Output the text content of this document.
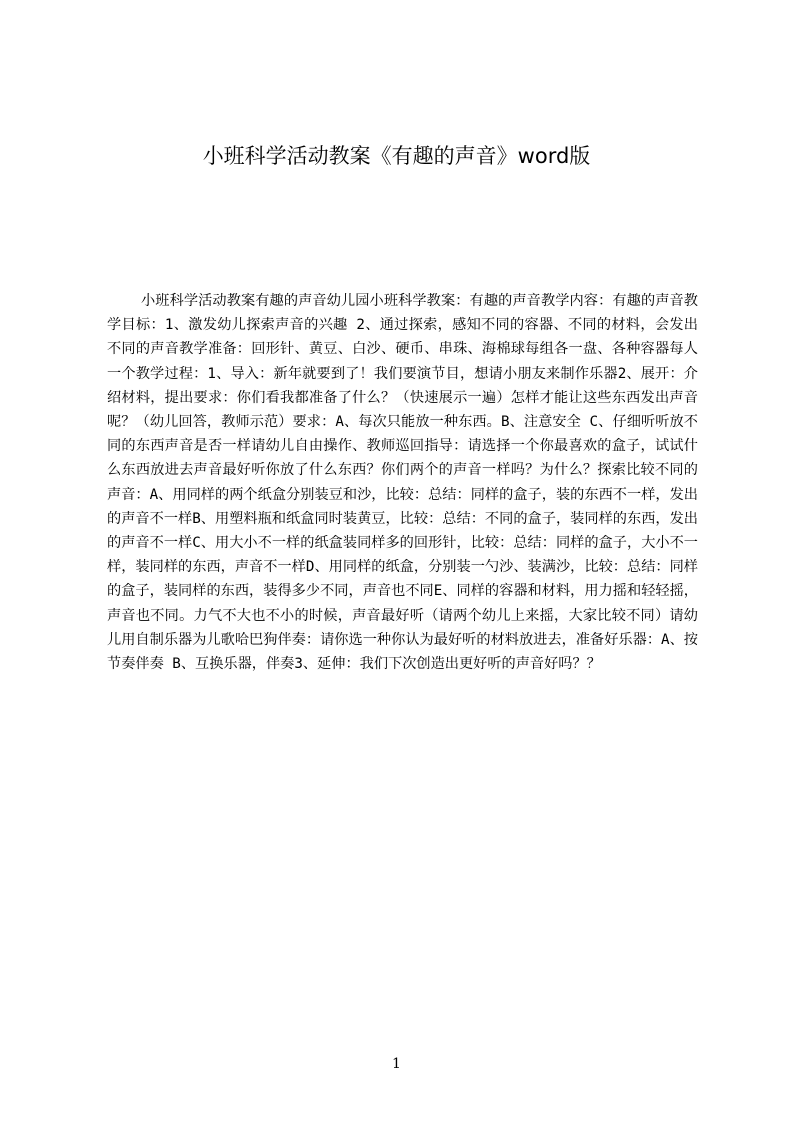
小班科学活动教案《有趣的声音》word版

小班科学活动教案有趣的声音幼儿园小班科学教案：有趣的声音教学内容：有趣的声音教学目标：1、激发幼儿探索声音的兴趣 2、通过探索，感知不同的容器、不同的材料，会发出不同的声音教学准备：回形针、黄豆、白沙、硬币、串珠、海棉球每组各一盘、各种容器每人一个教学过程：1、导入：新年就要到了！我们要演节目，想请小朋友来制作乐器2、展开：介绍材料，提出要求：你们看我都准备了什么？（快速展示一遍）怎样才能让这些东西发出声音呢？（幼儿回答，教师示范）要求：A、每次只能放一种东西。B、注意安全 C、仔细听听放不同的东西声音是否一样请幼儿自由操作、教师巡回指导：请选择一个你最喜欢的盒子，试试什么东西放进去声音最好听你放了什么东西？你们两个的声音一样吗？为什么？探索比较不同的声音：A、用同样的两个纸盒分别装豆和沙，比较：总结：同样的盒子，装的东西不一样，发出的声音不一样B、用塑料瓶和纸盒同时装黄豆，比较：总结：不同的盒子，装同样的东西，发出的声音不一样C、用大小不一样的纸盒装同样多的回形针，比较：总结：同样的盒子，大小不一样，装同样的东西，声音不一样D、用同样的纸盒，分别装一勺沙、装满沙，比较：总结：同样的盒子，装同样的东西，装得多少不同，声音也不同E、同样的容器和材料，用力摇和轻轻摇，声音也不同。力气不大也不小的时候，声音最好听（请两个幼儿上来摇，大家比较不同）请幼儿用自制乐器为儿歌哈巴狗伴奏：请你选一种你认为最好听的材料放进去，准备好乐器：A、按节奏伴奏 B、互换乐器，伴奏3、延伸：我们下次创造出更好听的声音好吗？？

1
